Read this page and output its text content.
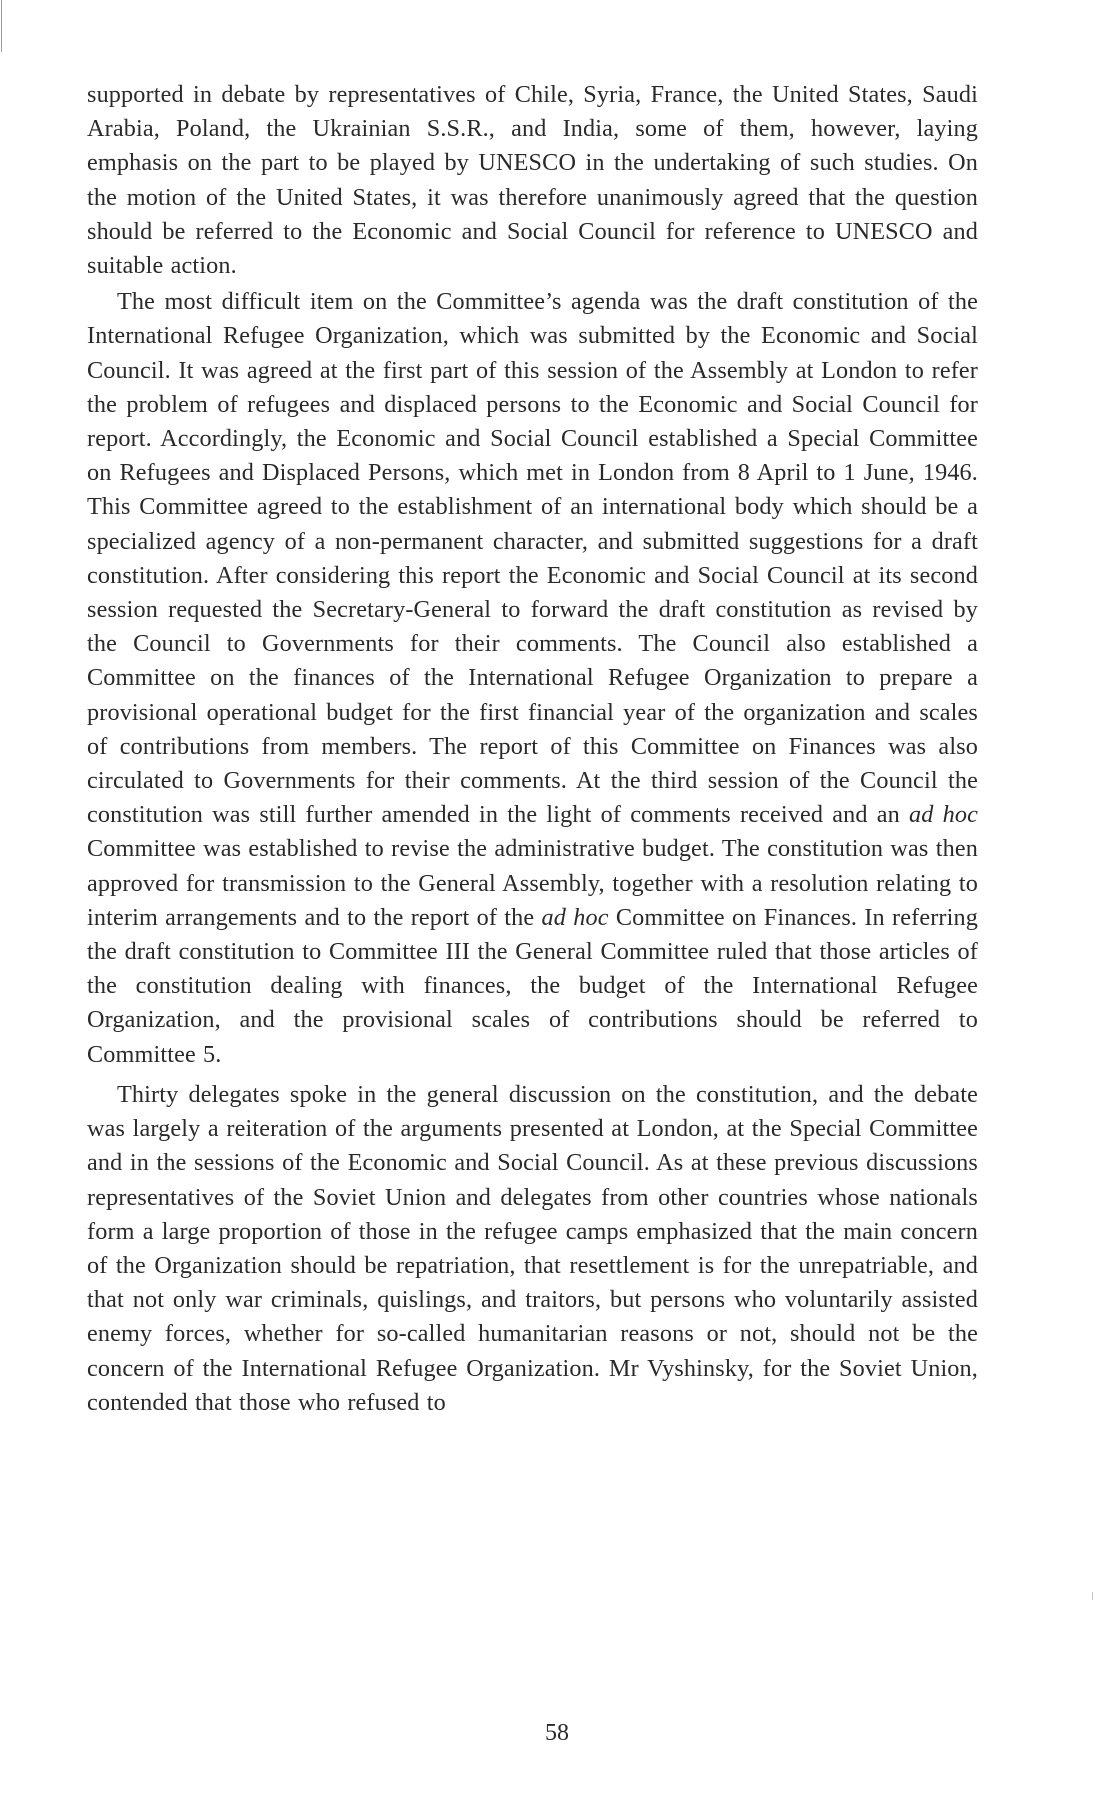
supported in debate by representatives of Chile, Syria, France, the United States, Saudi Arabia, Poland, the Ukrainian S.S.R., and India, some of them, however, laying emphasis on the part to be played by UNESCO in the undertaking of such studies. On the motion of the United States, it was therefore unanimously agreed that the question should be referred to the Economic and Social Council for reference to UNESCO and suitable action.

The most difficult item on the Committee’s agenda was the draft constitution of the International Refugee Organization, which was submitted by the Economic and Social Council. It was agreed at the first part of this session of the Assembly at London to refer the problem of refugees and displaced persons to the Economic and Social Council for report. Accordingly, the Economic and Social Council established a Special Committee on Refugees and Displaced Persons, which met in London from 8 April to 1 June, 1946. This Committee agreed to the establishment of an international body which should be a specialized agency of a non-permanent character, and submitted suggestions for a draft constitution. After considering this report the Economic and Social Council at its second session requested the Secretary-General to forward the draft constitution as revised by the Council to Governments for their comments. The Council also established a Committee on the finances of the International Refugee Organization to prepare a provisional operational budget for the first financial year of the organization and scales of contributions from members. The report of this Committee on Finances was also circulated to Governments for their comments. At the third session of the Council the constitution was still further amended in the light of comments received and an ad hoc Committee was established to revise the administrative budget. The constitution was then approved for transmission to the General Assembly, together with a resolution relating to interim arrangements and to the report of the ad hoc Committee on Finances. In referring the draft constitution to Committee III the General Committee ruled that those articles of the constitution dealing with finances, the budget of the International Refugee Organization, and the provisional scales of contributions should be referred to Committee 5.

Thirty delegates spoke in the general discussion on the constitution, and the debate was largely a reiteration of the arguments presented at London, at the Special Committee and in the sessions of the Economic and Social Council. As at these previous discussions representatives of the Soviet Union and delegates from other countries whose nationals form a large proportion of those in the refugee camps emphasized that the main concern of the Organization should be repatriation, that resettlement is for the unrepatriable, and that not only war criminals, quislings, and traitors, but persons who voluntarily assisted enemy forces, whether for so-called humanitarian reasons or not, should not be the concern of the International Refugee Organization. Mr Vyshinsky, for the Soviet Union, contended that those who refused to

58
